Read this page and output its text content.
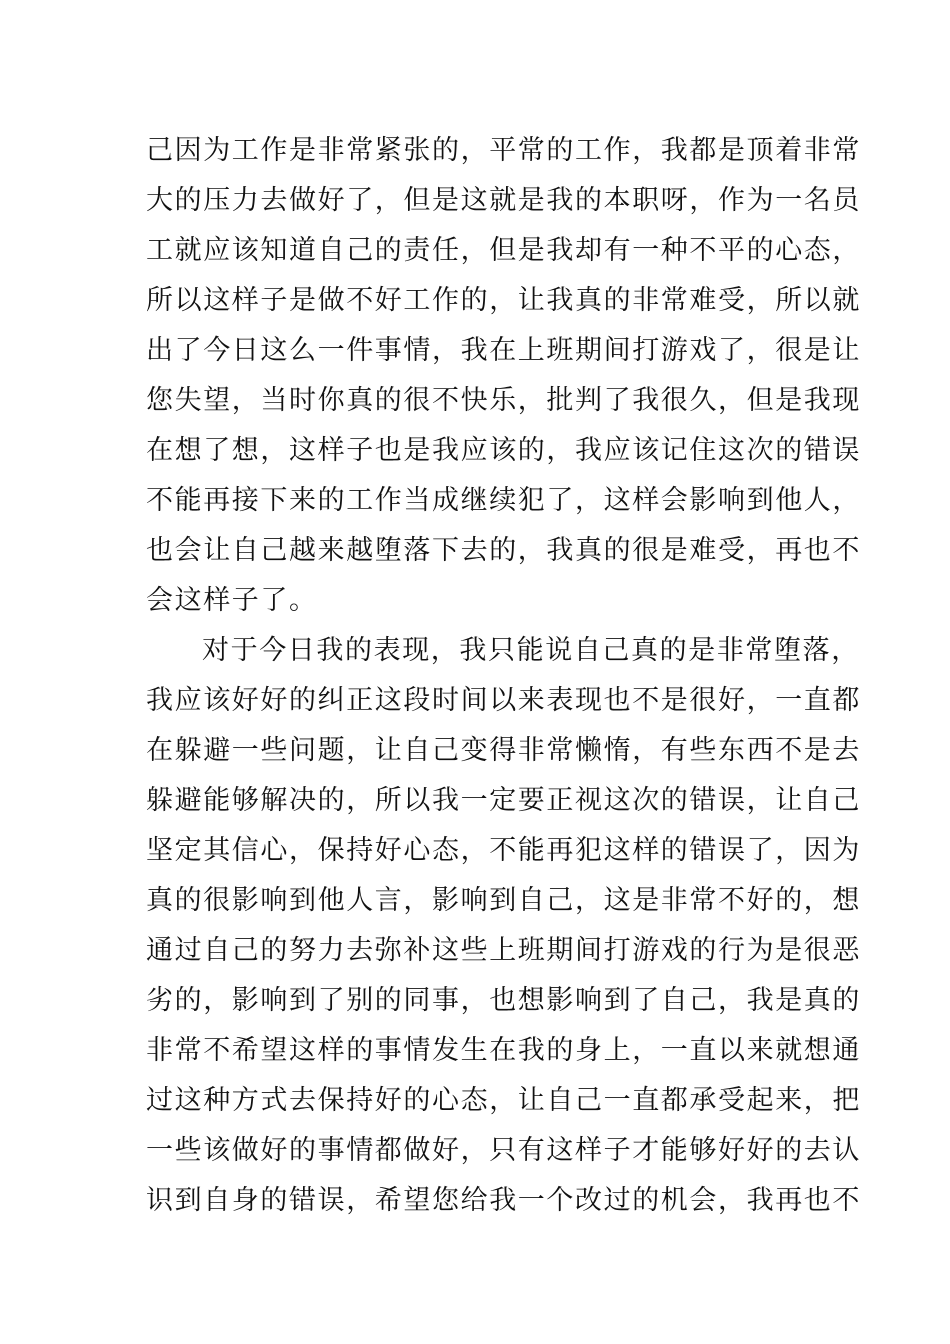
己因为工作是非常紧张的，平常的工作，我都是顶着非常
大的压力去做好了，但是这就是我的本职呀，作为一名员
工就应该知道自己的责任，但是我却有一种不平的心态，
所以这样子是做不好工作的，让我真的非常难受，所以就
出了今日这么一件事情，我在上班期间打游戏了，很是让
您失望，当时你真的很不快乐，批判了我很久，但是我现
在想了想，这样子也是我应该的，我应该记住这次的错误
不能再接下来的工作当成继续犯了，这样会影响到他人，
也会让自己越来越堕落下去的，我真的很是难受，再也不
会这样子了。
对于今日我的表现，我只能说自己真的是非常堕落，
我应该好好的纠正这段时间以来表现也不是很好，一直都
在躲避一些问题，让自己变得非常懒惰，有些东西不是去
躲避能够解决的，所以我一定要正视这次的错误，让自己
坚定其信心，保持好心态，不能再犯这样的错误了，因为
真的很影响到他人言，影响到自己，这是非常不好的，想
通过自己的努力去弥补这些上班期间打游戏的行为是很恶
劣的，影响到了别的同事，也想影响到了自己，我是真的
非常不希望这样的事情发生在我的身上，一直以来就想通
过这种方式去保持好的心态，让自己一直都承受起来，把
一些该做好的事情都做好，只有这样子才能够好好的去认
识到自身的错误，希望您给我一个改过的机会，我再也不
